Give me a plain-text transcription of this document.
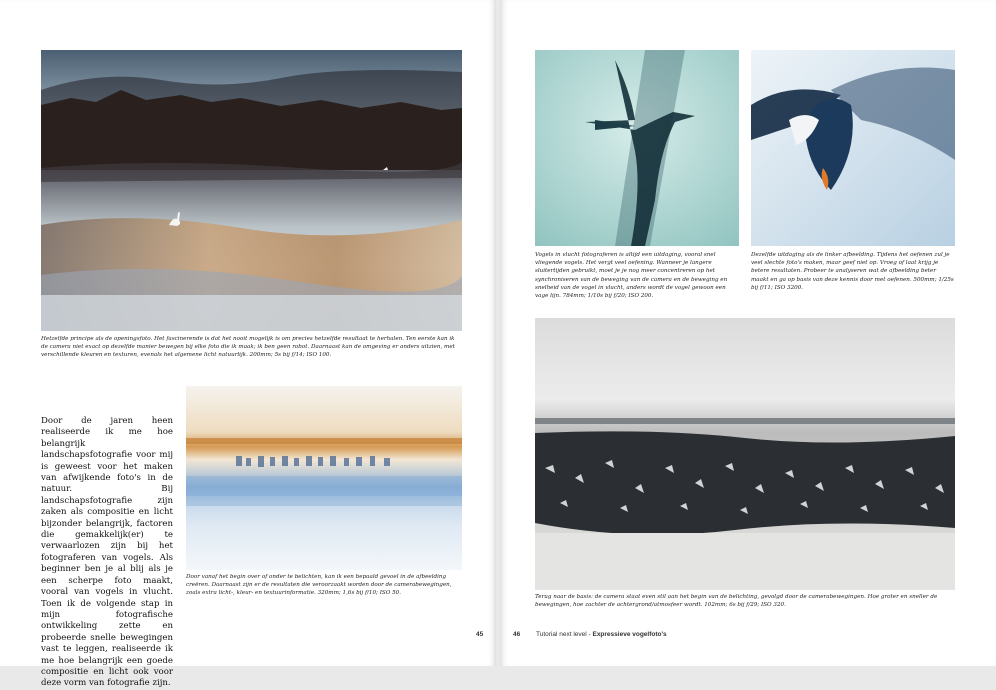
Hetzelfde principe als de openingsfoto. Het fascinerende is dat het nooit mogelijk is om precies hetzelfde resultaat te herhalen. Ten eerste kan ik de camera niet exact op dezelfde manier bewegen bij elke foto die ik maak; ik ben geen robot. Daarnaast kan de omgeving er anders uitzien, met verschillende kleuren en texturen, evenals het algemene licht natuurlijk. 200mm; 5s bij f/14; ISO 100.

Door de jaren heen realiseerde ik me hoe belangrijk landschapsfotografie voor mij is geweest voor het maken van afwijkende foto's in de natuur. Bij landschapsfotografie zijn zaken als compositie en licht bijzonder belangrijk, factoren die gemakkelijk(er) te verwaarlozen zijn bij het fotograferen van vogels. Als beginner ben je al blij als je een scherpe foto maakt, vooral van vogels in vlucht. Toen ik de volgende stap in mijn fotografische ontwikkeling zette en probeerde snelle bewegingen vast te leggen, realiseerde ik me hoe belangrijk een goede compositie en licht ook voor deze vorm van fotografie zijn.

Door vanaf het begin over of onder te belichten, kan ik een bepaald gevoel in de afbeelding creëren. Daarnaast zijn er de resultaten die veroorzaakt worden door de camerabewegingen, zoals extra licht-, kleur- en textuurinformatie. 320mm; 1,6s bij f/10; ISO 50.

45

Vogels in vlucht fotograferen is altijd een uitdaging, vooral snel vliegende vogels. Het vergt veel oefening. Wanneer je langere sluitertijden gebruikt, moet je je nog meer concentreren op het synchroniseren van de beweging van de camera en de beweging en snelheid van de vogel in vlucht, anders wordt de vogel gewoon een vage lijn. 784mm; 1/10s bij f/20; ISO 200.

Dezelfde uitdaging als de linker afbeelding. Tijdens het oefenen zul je veel slechte foto's maken, maar geef niet op. Vroeg of laat krijg je betere resultaten. Probeer te analyseren wat de afbeelding beter maakt en ga op basis van deze kennis door met oefenen. 500mm; 1/25s bij f/11; ISO 3200.

Terug naar de basis: de camera staat even stil aan het begin van de belichting, gevolgd door de camerabewegingen. Hoe groter en sneller de bewegingen, hoe zachter de achtergrond/atmosfeer wordt. 102mm; 6s bij f/29; ISO 320.

46 Tutorial next level - Expressieve vogelfoto's
